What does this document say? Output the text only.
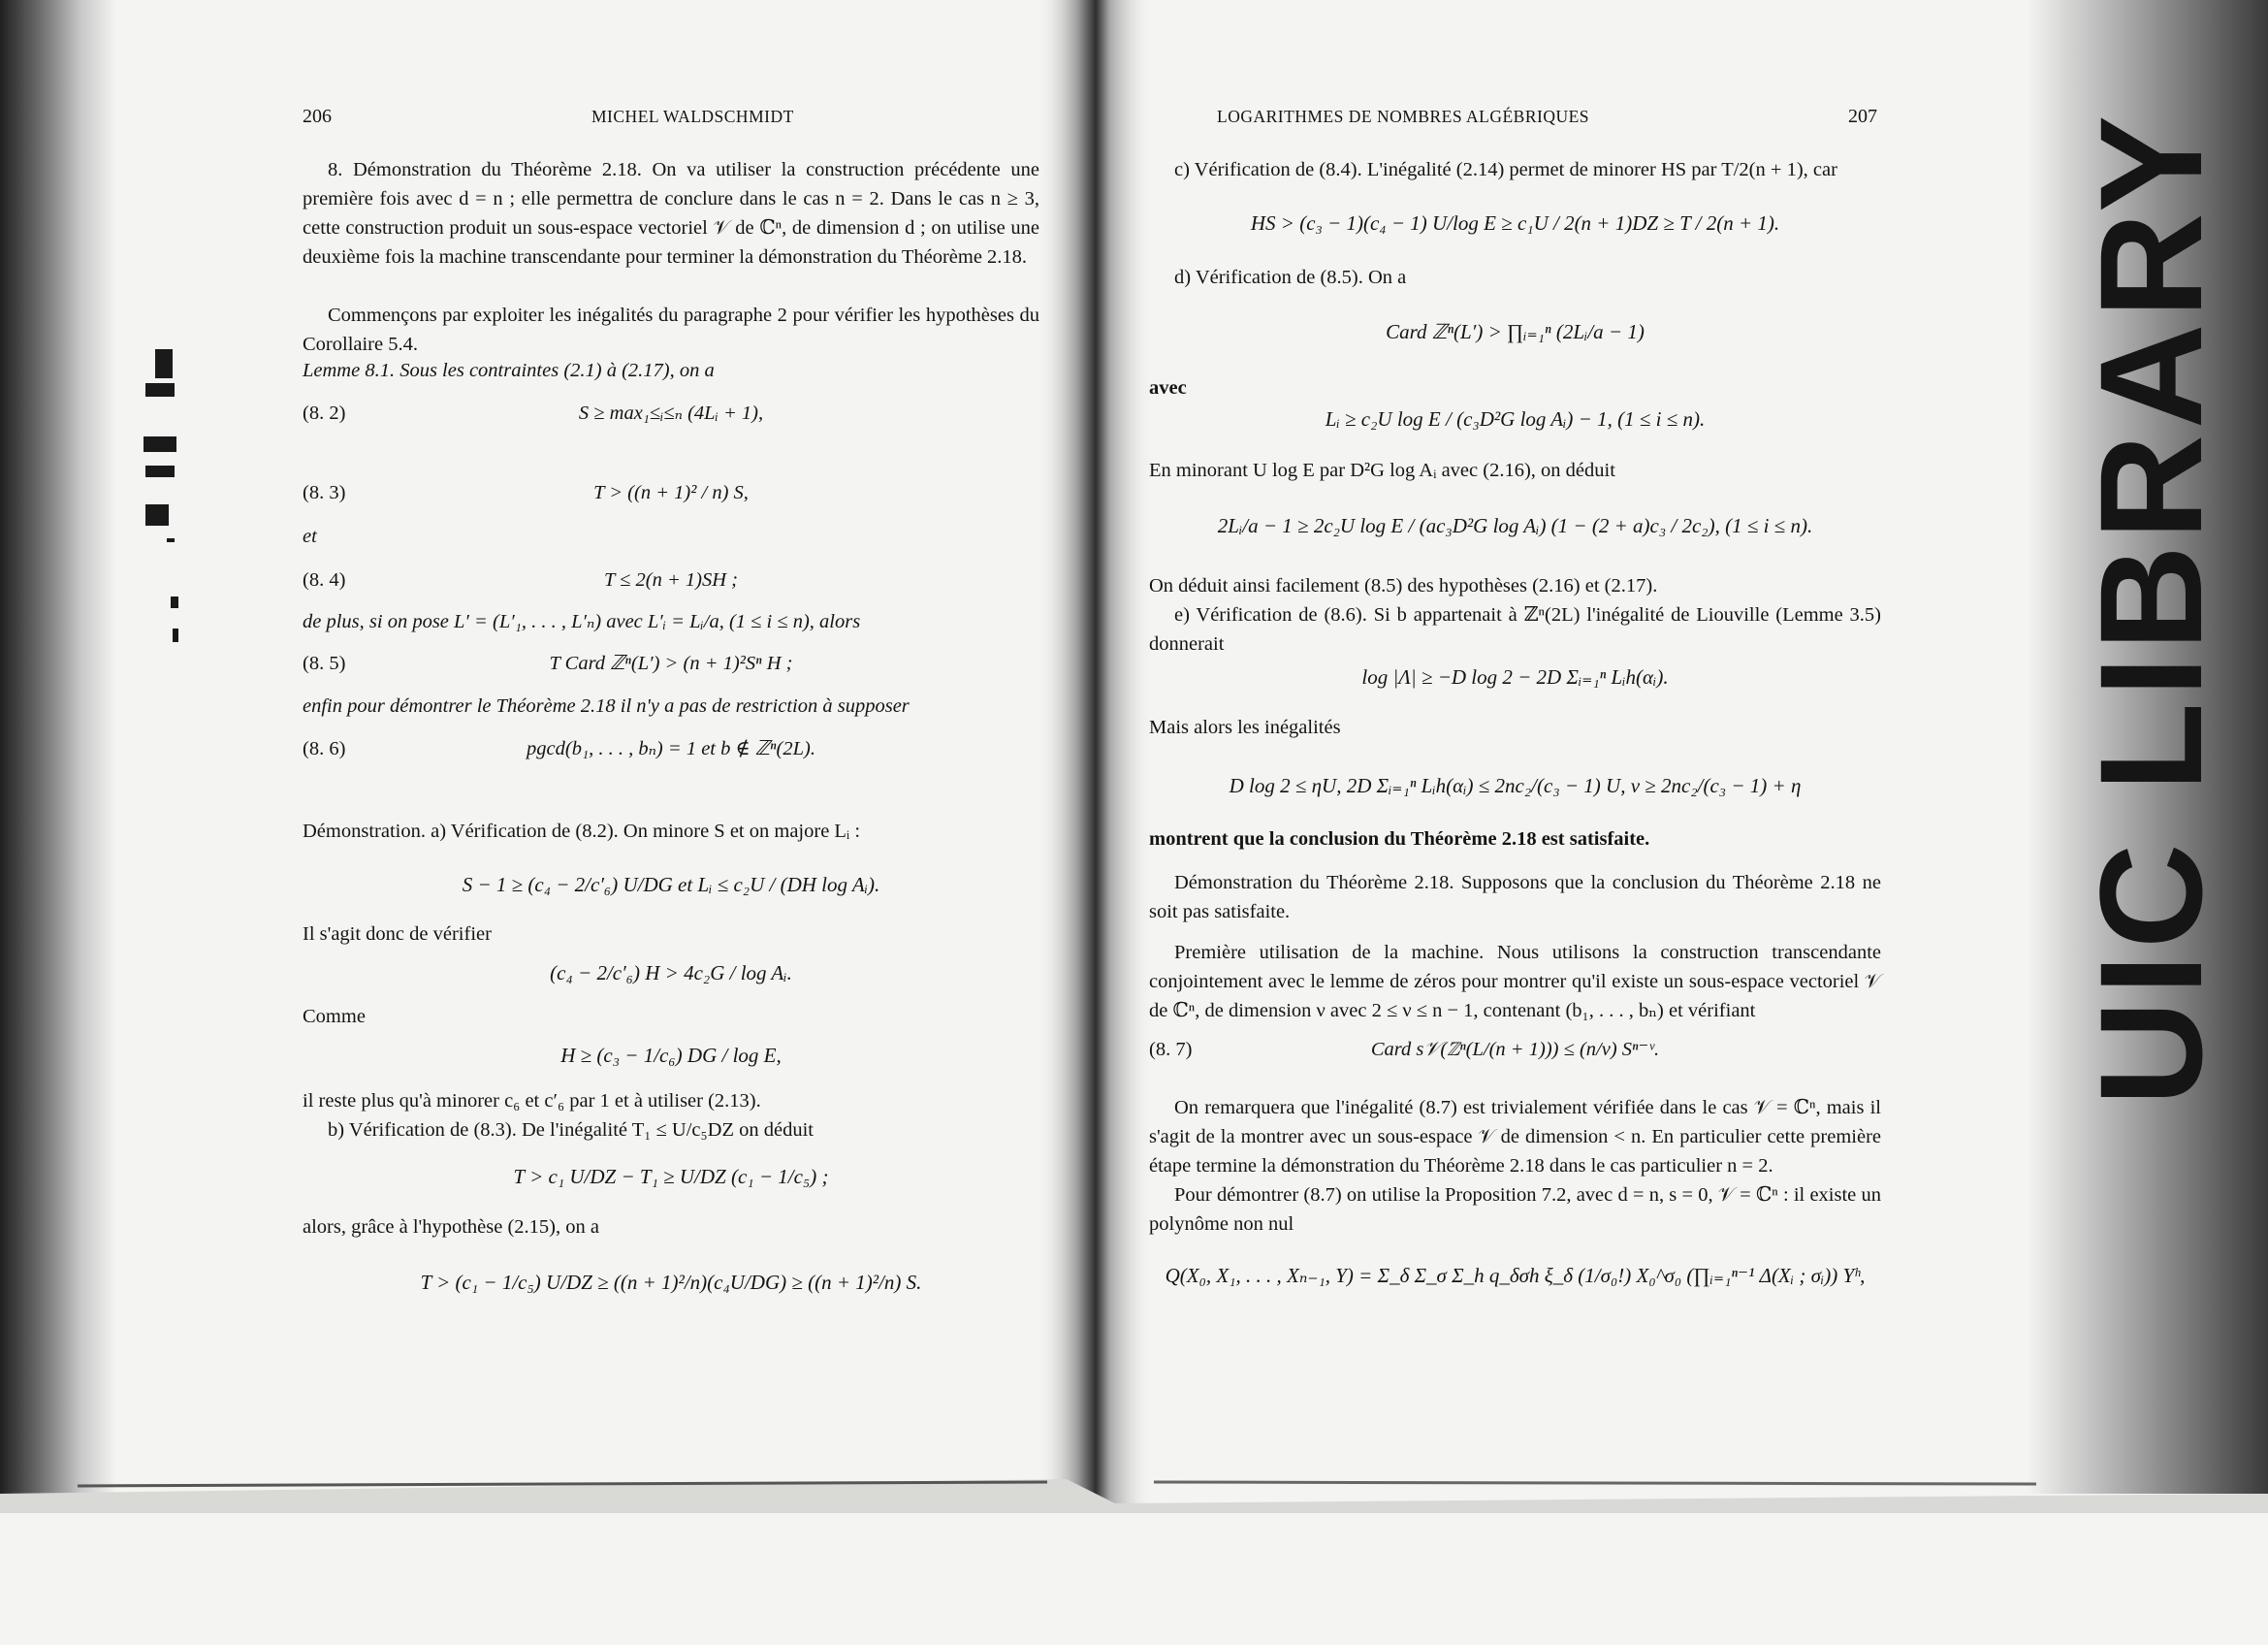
UIC LIBRARY
206	MICHEL WALDSCHMIDT
8. Démonstration du Théorème 2.18. On va utiliser la construction précédente une première fois avec d = n ; elle permettra de conclure dans le cas n = 2. Dans le cas n ≥ 3, cette construction produit un sous-espace vectoriel 𝒱 de ℂⁿ, de dimension d ; on utilise une deuxième fois la machine transcendante pour terminer la démonstration du Théorème 2.18.
Commençons par exploiter les inégalités du paragraphe 2 pour vérifier les hypothèses du Corollaire 5.4.
Lemme 8.1. Sous les contraintes (2.1) à (2.17), on a
(8. 2)	S ≥ max₁≤ᵢ≤ₙ (4Lᵢ + 1),
(8. 3)	T > ((n + 1)² / n) S,
et
(8. 4)	T ≤ 2(n + 1)SH ;
de plus, si on pose L′ = (L′₁, . . . , L′ₙ) avec L′ᵢ = Lᵢ/a, (1 ≤ i ≤ n), alors
(8. 5)	T Card ℤⁿ(L′) > (n + 1)²Sⁿ H ;
enfin pour démontrer le Théorème 2.18 il n'y a pas de restriction à supposer
(8. 6)	pgcd(b₁, . . . , bₙ) = 1 et b ∉ ℤⁿ(2L).
Démonstration. a) Vérification de (8.2). On minore S et on majore Lᵢ :
S − 1 ≥ (c₄ − 2/c′₆) U/DG et Lᵢ ≤ c₂U / (DH log Aᵢ).
Il s'agit donc de vérifier
(c₄ − 2/c′₆) H > 4c₂G / log Aᵢ.
Comme
H ≥ (c₃ − 1/c₆) DG / log E,
il reste plus qu'à minorer c₆ et c′₆ par 1 et à utiliser (2.13).
b) Vérification de (8.3). De l'inégalité T₁ ≤ U/c₅DZ on déduit
T > c₁ U/DZ − T₁ ≥ U/DZ (c₁ − 1/c₅) ;
alors, grâce à l'hypothèse (2.15), on a
T > (c₁ − 1/c₅) U/DZ ≥ ((n + 1)²/n)(c₄U/DG) ≥ ((n + 1)²/n) S.
LOGARITHMES DE NOMBRES ALGÉBRIQUES	207
c) Vérification de (8.4). L'inégalité (2.14) permet de minorer HS par T/2(n + 1), car
HS > (c₃ − 1)(c₄ − 1) U/log E ≥ c₁U / 2(n + 1)DZ ≥ T / 2(n + 1).
d) Vérification de (8.5). On a
Card ℤⁿ(L′) > ∏ᵢ₌₁ⁿ (2Lᵢ/a − 1)
avec
Lᵢ ≥ c₂U log E / (c₃D²G log Aᵢ) − 1, (1 ≤ i ≤ n).
En minorant U log E par D²G log Aᵢ avec (2.16), on déduit
2Lᵢ/a − 1 ≥ 2c₂U log E / (ac₃D²G log Aᵢ) (1 − (2 + a)c₃ / 2c₂), (1 ≤ i ≤ n).
On déduit ainsi facilement (8.5) des hypothèses (2.16) et (2.17).
e) Vérification de (8.6). Si b appartenait à ℤⁿ(2L) l'inégalité de Liouville (Lemme 3.5) donnerait
log |Λ| ≥ −D log 2 − 2D Σᵢ₌₁ⁿ Lᵢh(αᵢ).
Mais alors les inégalités
D log 2 ≤ ηU, 2D Σᵢ₌₁ⁿ Lᵢh(αᵢ) ≤ 2nc₂/(c₃ − 1) U, ν ≥ 2nc₂/(c₃ − 1) + η
montrent que la conclusion du Théorème 2.18 est satisfaite.
Démonstration du Théorème 2.18. Supposons que la conclusion du Théorème 2.18 ne soit pas satisfaite.
Première utilisation de la machine. Nous utilisons la construction transcendante conjointement avec le lemme de zéros pour montrer qu'il existe un sous-espace vectoriel 𝒱 de ℂⁿ, de dimension ν avec 2 ≤ ν ≤ n − 1, contenant (b₁, . . . , bₙ) et vérifiant
(8. 7)	Card s𝒱(ℤⁿ(L/(n + 1))) ≤ (n/ν) Sⁿ⁻ᵛ.
On remarquera que l'inégalité (8.7) est trivialement vérifiée dans le cas 𝒱 = ℂⁿ, mais il s'agit de la montrer avec un sous-espace 𝒱 de dimension < n. En particulier cette première étape termine la démonstration du Théorème 2.18 dans le cas particulier n = 2.
Pour démontrer (8.7) on utilise la Proposition 7.2, avec d = n, s = 0, 𝒱 = ℂⁿ : il existe un polynôme non nul
Q(X₀, X₁, . . . , Xₙ₋₁, Y) = Σ_δ Σ_σ Σ_h q_δσh ξ_δ (1/σ₀!) X₀^σ₀ (∏ᵢ₌₁ⁿ⁻¹ Δ(Xᵢ ; σᵢ)) Yʰ,
